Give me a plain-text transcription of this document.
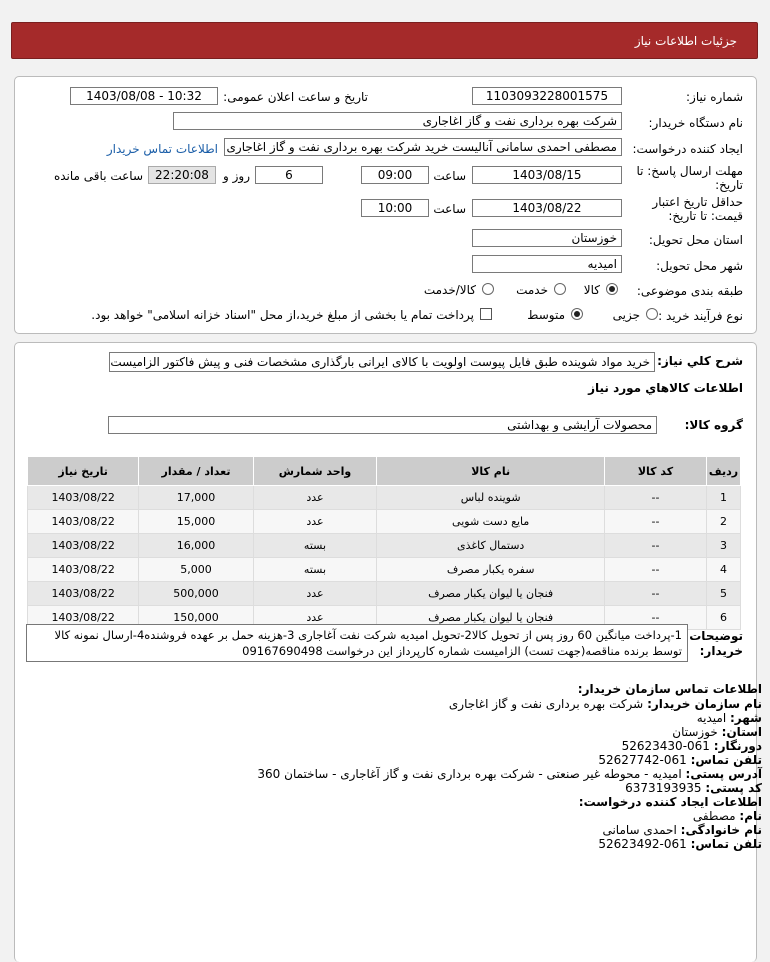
جزئیات اطلاعات نیاز
شماره نیاز:
1103093228001575
تاریخ و ساعت اعلان عمومی:
1403/08/08 - 10:32
نام دستگاه خریدار:
شرکت بهره برداری نفت و گاز اغاجاری
ایجاد کننده درخواست:
مصطفی احمدی سامانی آنالیست خرید شرکت بهره برداری نفت و گاز اغاجاری
اطلاعات تماس خریدار
مهلت ارسال پاسخ: تا
تاریخ:
1403/08/15
ساعت
09:00
6
روز و
22:20:08
ساعت باقی مانده
حداقل تاریخ اعتبار
قیمت: تا تاریخ:
1403/08/22
ساعت
10:00
استان محل تحویل:
خوزستان
شهر محل تحویل:
امیدیه
طبقه بندی موضوعی:
کالا
خدمت
کالا/خدمت
نوع فرآیند خرید :
جزیی
متوسط
پرداخت تمام یا بخشی از مبلغ خرید،از محل "اسناد خزانه اسلامی" خواهد بود.
شرح کلي نياز:
خرید مواد شوینده طبق فایل پیوست اولویت با کالای ایرانی بارگذاری مشخصات فنی و پیش فاکتور الزامیست
اطلاعات کالاهاي مورد نياز
گروه کالا:
محصولات آرایشی و بهداشتی
ردیف	کد کالا	نام کالا	واحد شمارش	تعداد / مقدار	تاریخ نیاز
1	--	شوینده لباس	عدد	17,000	1403/08/22
2	--	مایع دست شویی	عدد	15,000	1403/08/22
3	--	دستمال کاغذی	بسته	16,000	1403/08/22
4	--	سفره یکبار مصرف	بسته	5,000	1403/08/22
5	--	فنجان یا لیوان یکبار مصرف	عدد	500,000	1403/08/22
6	--	فنجان یا لیوان یکبار مصرف	عدد	150,000	1403/08/22
توضیحات
خریدار:
1-پرداخت میانگین 60 روز پس از تحویل کالا2-تحویل امیدیه شرکت نفت آغاجاری 3-هزینه حمل بر عهده فروشنده4-ارسال نمونه کالا
توسط برنده مناقصه(جهت تست) الزامیست شماره کارپرداز این درخواست 09167690498
اطلاعات تماس سازمان خریدار:
نام سازمان خریدار: شرکت بهره برداری نفت و گاز اغاجاری
شهر: امیدیه
استان: خوزستان
دورنگار: 061-52623430
تلفن تماس: 061-52627742
آدرس پستی: امیدیه - محوطه غیر صنعتی - شرکت بهره برداری نفت و گاز آغاجاری - ساختمان 360
کد پستی: 6373193935
اطلاعات ایجاد کننده درخواست:
نام: مصطفی
نام خانوادگی: احمدی سامانی
تلفن تماس: 061-52623492
